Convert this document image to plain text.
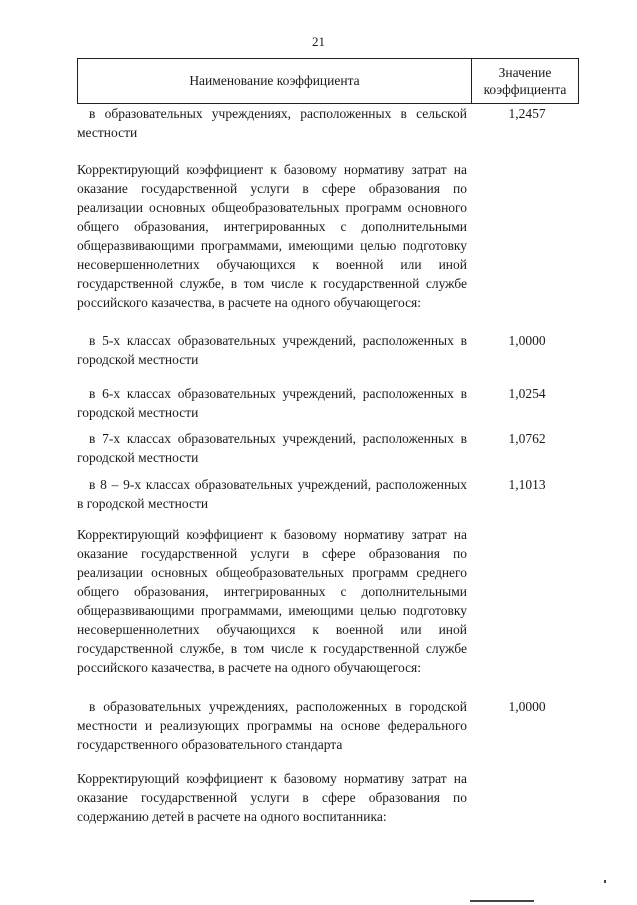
21
Наименование коэффициента
Значение
коэффициента
в образовательных учреждениях, расположенных в сельской местности
1,2457
Корректирующий коэффициент к базовому нормативу затрат на оказание государственной услуги в сфере образования по реализации основных общеобразовательных программ основного общего образования, интегрированных с дополнительными общеразвивающими программами, имеющими целью подготовку несовершеннолетних обучающихся к военной или иной государственной службе, в том числе к государственной службе российского казачества, в расчете на одного обучающегося:
в 5-х классах образовательных учреждений, расположенных в городской местности
1,0000
в 6-х классах образовательных учреждений, расположенных в городской местности
1,0254
в 7-х классах образовательных учреждений, расположенных в городской местности
1,0762
в 8 – 9-х классах образовательных учреждений, расположенных в городской местности
1,1013
Корректирующий коэффициент к базовому нормативу затрат на оказание государственной услуги в сфере образования по реализации основных общеобразовательных программ среднего общего образования, интегрированных с дополнительными общеразвивающими программами, имеющими целью подготовку несовершеннолетних обучающихся к военной или иной государственной службе, в том числе к государственной службе российского казачества, в расчете на одного обучающегося:
в образовательных учреждениях, расположенных в городской местности и реализующих программы на основе федерального государственного образовательного стандарта
1,0000
Корректирующий коэффициент к базовому нормативу затрат на оказание государственной услуги в сфере образования по содержанию детей в расчете на одного воспитанника:
